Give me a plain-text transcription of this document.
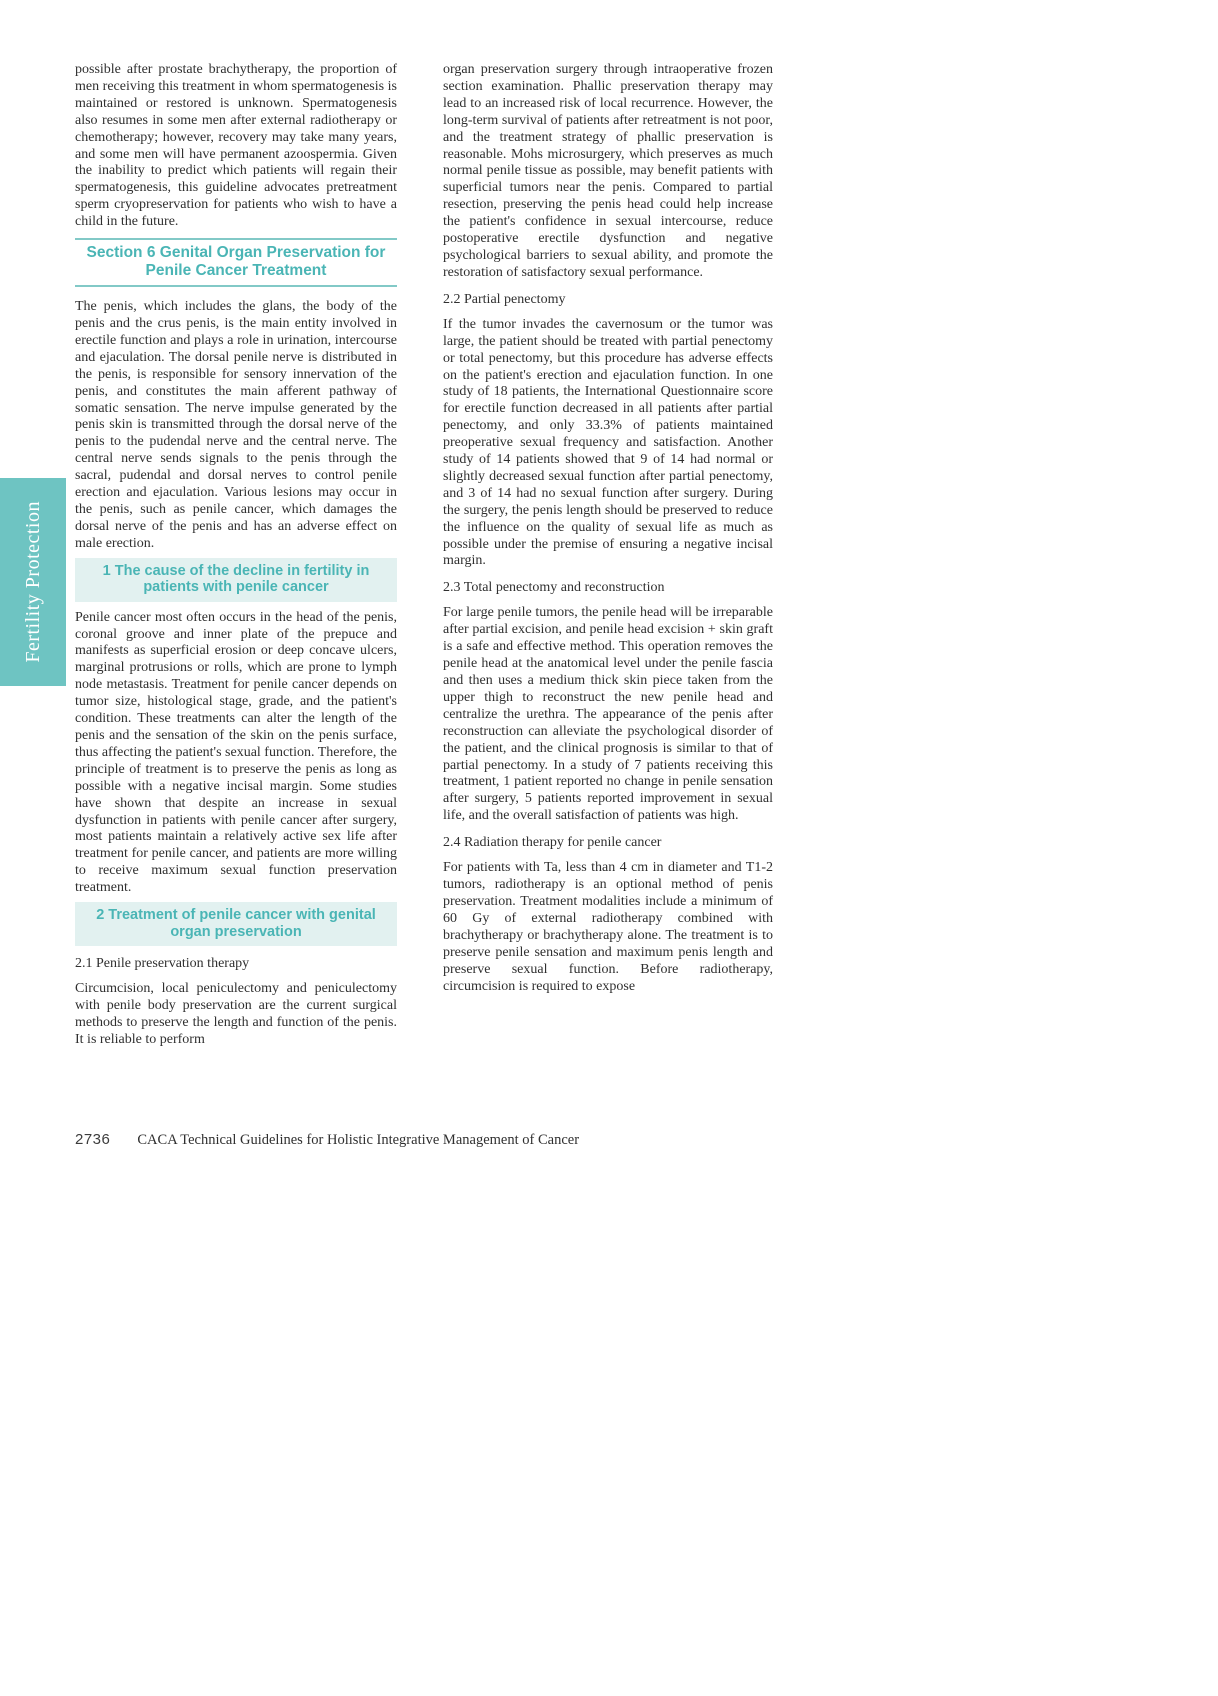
Fertility Protection

possible after prostate brachytherapy, the proportion of men receiving this treatment in whom spermatogenesis is maintained or restored is unknown. Spermatogenesis also resumes in some men after external radiotherapy or chemotherapy; however, recovery may take many years, and some men will have permanent azoospermia. Given the inability to predict which patients will regain their spermatogenesis, this guideline advocates pretreatment sperm cryopreservation for patients who wish to have a child in the future.

Section 6 Genital Organ Preservation for Penile Cancer Treatment

The penis, which includes the glans, the body of the penis and the crus penis, is the main entity involved in erectile function and plays a role in urination, intercourse and ejaculation. The dorsal penile nerve is distributed in the penis, is responsible for sensory innervation of the penis, and constitutes the main afferent pathway of somatic sensation. The nerve impulse generated by the penis skin is transmitted through the dorsal nerve of the penis to the pudendal nerve and the central nerve. The central nerve sends signals to the penis through the sacral, pudendal and dorsal nerves to control penile erection and ejaculation. Various lesions may occur in the penis, such as penile cancer, which damages the dorsal nerve of the penis and has an adverse effect on male erection.

1 The cause of the decline in fertility in patients with penile cancer

Penile cancer most often occurs in the head of the penis, coronal groove and inner plate of the prepuce and manifests as superficial erosion or deep concave ulcers, marginal protrusions or rolls, which are prone to lymph node metastasis. Treatment for penile cancer depends on tumor size, histological stage, grade, and the patient's condition. These treatments can alter the length of the penis and the sensation of the skin on the penis surface, thus affecting the patient's sexual function. Therefore, the principle of treatment is to preserve the penis as long as possible with a negative incisal margin. Some studies have shown that despite an increase in sexual dysfunction in patients with penile cancer after surgery, most patients maintain a relatively active sex life after treatment for penile cancer, and patients are more willing to receive maximum sexual function preservation treatment.

2 Treatment of penile cancer with genital organ preservation
2.1 Penile preservation therapy

Circumcision, local peniculectomy and peniculectomy with penile body preservation are the current surgical methods to preserve the length and function of the penis. It is reliable to perform

organ preservation surgery through intraoperative frozen section examination. Phallic preservation therapy may lead to an increased risk of local recurrence. However, the long-term survival of patients after retreatment is not poor, and the treatment strategy of phallic preservation is reasonable. Mohs microsurgery, which preserves as much normal penile tissue as possible, may benefit patients with superficial tumors near the penis. Compared to partial resection, preserving the penis head could help increase the patient's confidence in sexual intercourse, reduce postoperative erectile dysfunction and negative psychological barriers to sexual ability, and promote the restoration of satisfactory sexual performance.

2.2 Partial penectomy

If the tumor invades the cavernosum or the tumor was large, the patient should be treated with partial penectomy or total penectomy, but this procedure has adverse effects on the patient's erection and ejaculation function. In one study of 18 patients, the International Questionnaire score for erectile function decreased in all patients after partial penectomy, and only 33.3% of patients maintained preoperative sexual frequency and satisfaction. Another study of 14 patients showed that 9 of 14 had normal or slightly decreased sexual function after partial penectomy, and 3 of 14 had no sexual function after surgery. During the surgery, the penis length should be preserved to reduce the influence on the quality of sexual life as much as possible under the premise of ensuring a negative incisal margin.

2.3 Total penectomy and reconstruction

For large penile tumors, the penile head will be irreparable after partial excision, and penile head excision + skin graft is a safe and effective method. This operation removes the penile head at the anatomical level under the penile fascia and then uses a medium thick skin piece taken from the upper thigh to reconstruct the new penile head and centralize the urethra. The appearance of the penis after reconstruction can alleviate the psychological disorder of the patient, and the clinical prognosis is similar to that of partial penectomy. In a study of 7 patients receiving this treatment, 1 patient reported no change in penile sensation after surgery, 5 patients reported improvement in sexual life, and the overall satisfaction of patients was high.

2.4 Radiation therapy for penile cancer

For patients with Ta, less than 4 cm in diameter and T1-2 tumors, radiotherapy is an optional method of penis preservation. Treatment modalities include a minimum of 60 Gy of external radiotherapy combined with brachytherapy or brachytherapy alone. The treatment is to preserve penile sensation and maximum penis length and preserve sexual function. Before radiotherapy, circumcision is required to expose

2736 CACA Technical Guidelines for Holistic Integrative Management of Cancer
